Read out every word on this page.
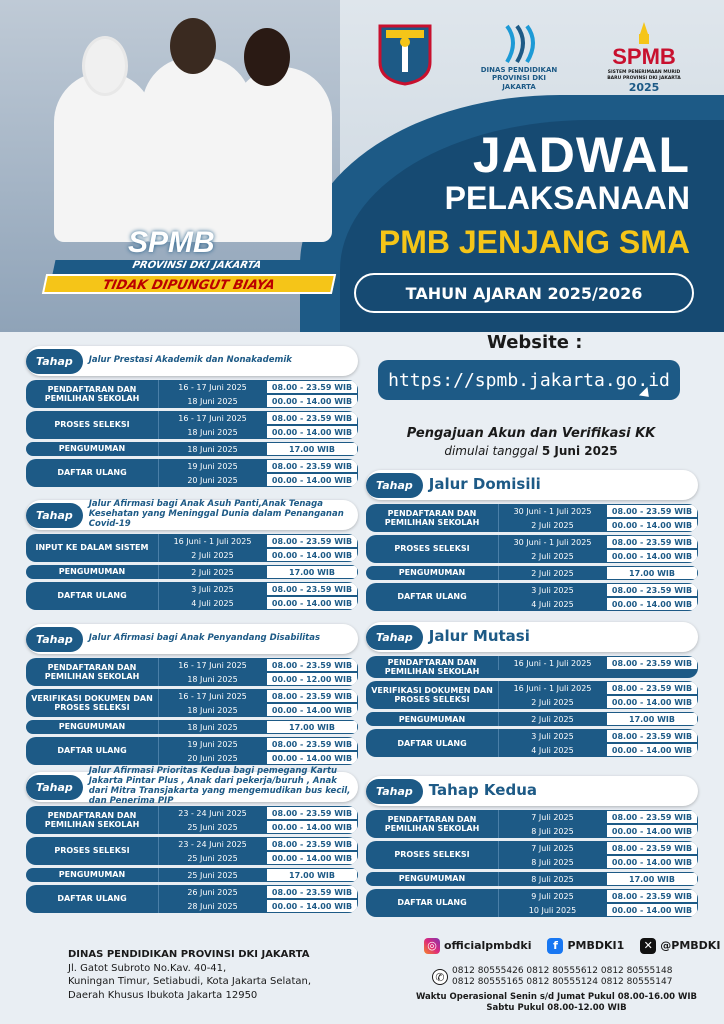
DINAS PENDIDIKAN PROVINSI DKI JAKARTA
SPMB
SISTEM PENERIMAAN MURID BARU PROVINSI DKI JAKARTA
2025
JADWAL
PELAKSANAAN
PMB JENJANG SMA
TAHUN AJARAN 2025/2026
SPMB
PROVINSI DKI JAKARTA
TIDAK DIPUNGUT BIAYA
Tahap	Jalur Prestasi Akademik dan Nonakademik
PENDAFTARAN DAN PEMILIHAN SEKOLAH
16 - 17 Juni 2025	08.00 - 23.59 WIB
18 Juni 2025	00.00 - 14.00 WIB
PROSES SELEKSI
16 - 17 Juni 2025	08.00 - 23.59 WIB
18 Juni 2025	00.00 - 14.00 WIB
PENGUMUMAN	18 Juni 2025	17.00 WIB
DAFTAR ULANG
19 Juni 2025	08.00 - 23.59 WIB
20 Juni 2025	00.00 - 14.00 WIB
Tahap
Jalur Afirmasi bagi Anak Asuh Panti,Anak Tenaga Kesehatan yang Meninggal Dunia dalam Penanganan Covid-19
INPUT KE DALAM SISTEM
16 Juni - 1 Juli 2025	08.00 - 23.59 WIB
2 Juli 2025	00.00 - 14.00 WIB
PENGUMUMAN	2 Juli 2025	17.00 WIB
DAFTAR ULANG
3 Juli 2025	08.00 - 23.59 WIB
4 Juli 2025	00.00 - 14.00 WIB
Tahap	Jalur Afirmasi bagi Anak Penyandang Disabilitas
PENDAFTARAN DAN PEMILIHAN SEKOLAH
16 - 17 Juni 2025	08.00 - 23.59 WIB
18 Juni 2025	00.00 - 12.00 WIB
VERIFIKASI DOKUMEN DAN PROSES SELEKSI
16 - 17 Juni 2025	08.00 - 23.59 WIB
18 Juni 2025	00.00 - 14.00 WIB
PENGUMUMAN	18 Juni 2025	17.00 WIB
DAFTAR ULANG
19 Juni 2025	08.00 - 23.59 WIB
20 Juni 2025	00.00 - 14.00 WIB
Tahap
Jalur Afirmasi Prioritas Kedua bagi pemegang Kartu Jakarta Pintar Plus , Anak dari pekerja/buruh , Anak dari Mitra Transjakarta yang mengemudikan bus kecil, dan Penerima PIP
PENDAFTARAN DAN PEMILIHAN SEKOLAH
23 - 24 Juni 2025	08.00 - 23.59 WIB
25 Juni 2025	00.00 - 14.00 WIB
PROSES SELEKSI
23 - 24 Juni 2025	08.00 - 23.59 WIB
25 Juni 2025	00.00 - 14.00 WIB
PENGUMUMAN	25 Juni 2025	17.00 WIB
DAFTAR ULANG
26 Juni 2025	08.00 - 23.59 WIB
28 Juni 2025	00.00 - 14.00 WIB
Website :
https://spmb.jakarta.go.id
Pengajuan Akun dan Verifikasi KK
dimulai tanggal 5 Juni 2025
Tahap	Jalur Domisili
PENDAFTARAN DAN PEMILIHAN SEKOLAH
30 Juni - 1 Juli 2025	08.00 - 23.59 WIB
2 Juli 2025	00.00 - 14.00 WIB
PROSES SELEKSI
30 Juni - 1 Juli 2025	08.00 - 23.59 WIB
2 Juli 2025	00.00 - 14.00 WIB
PENGUMUMAN	2 Juli 2025	17.00 WIB
DAFTAR ULANG
3 Juli 2025	08.00 - 23.59 WIB
4 Juli 2025	00.00 - 14.00 WIB
Tahap	Jalur Mutasi
PENDAFTARAN DAN PEMILIHAN SEKOLAH
16 Juni - 1 Juli 2025	08.00 - 23.59 WIB
VERIFIKASI DOKUMEN DAN PROSES SELEKSI
16 Juni - 1 Juli 2025	08.00 - 23.59 WIB
2 Juli 2025	00.00 - 14.00 WIB
PENGUMUMAN	2 Juli 2025	17.00 WIB
DAFTAR ULANG
3 Juli 2025	08.00 - 23.59 WIB
4 Juli 2025	00.00 - 14.00 WIB
Tahap	Tahap Kedua
PENDAFTARAN DAN PEMILIHAN SEKOLAH
7 Juli 2025	08.00 - 23.59 WIB
8 Juli 2025	00.00 - 14.00 WIB
PROSES SELEKSI
7 Juli 2025	08.00 - 23.59 WIB
8 Juli 2025	00.00 - 14.00 WIB
PENGUMUMAN	8 Juli 2025	17.00 WIB
DAFTAR ULANG
9 Juli 2025	08.00 - 23.59 WIB
10 Juli 2025	00.00 - 14.00 WIB
DINAS PENDIDIKAN PROVINSI DKI JAKARTA
Jl. Gatot Subroto No.Kav. 40-41,
Kuningan Timur, Setiabudi, Kota Jakarta Selatan,
Daerah Khusus Ibukota Jakarta 12950
◎ officialpmbdki	f PMBDKI1	✕ @PMBDKI
✆
0812 80555426 0812 80555612 0812 80555148
0812 80555165 0812 80555124 0812 80555147
Waktu Operasional Senin s/d Jumat Pukul 08.00-16.00 WIB
Sabtu Pukul 08.00-12.00 WIB
